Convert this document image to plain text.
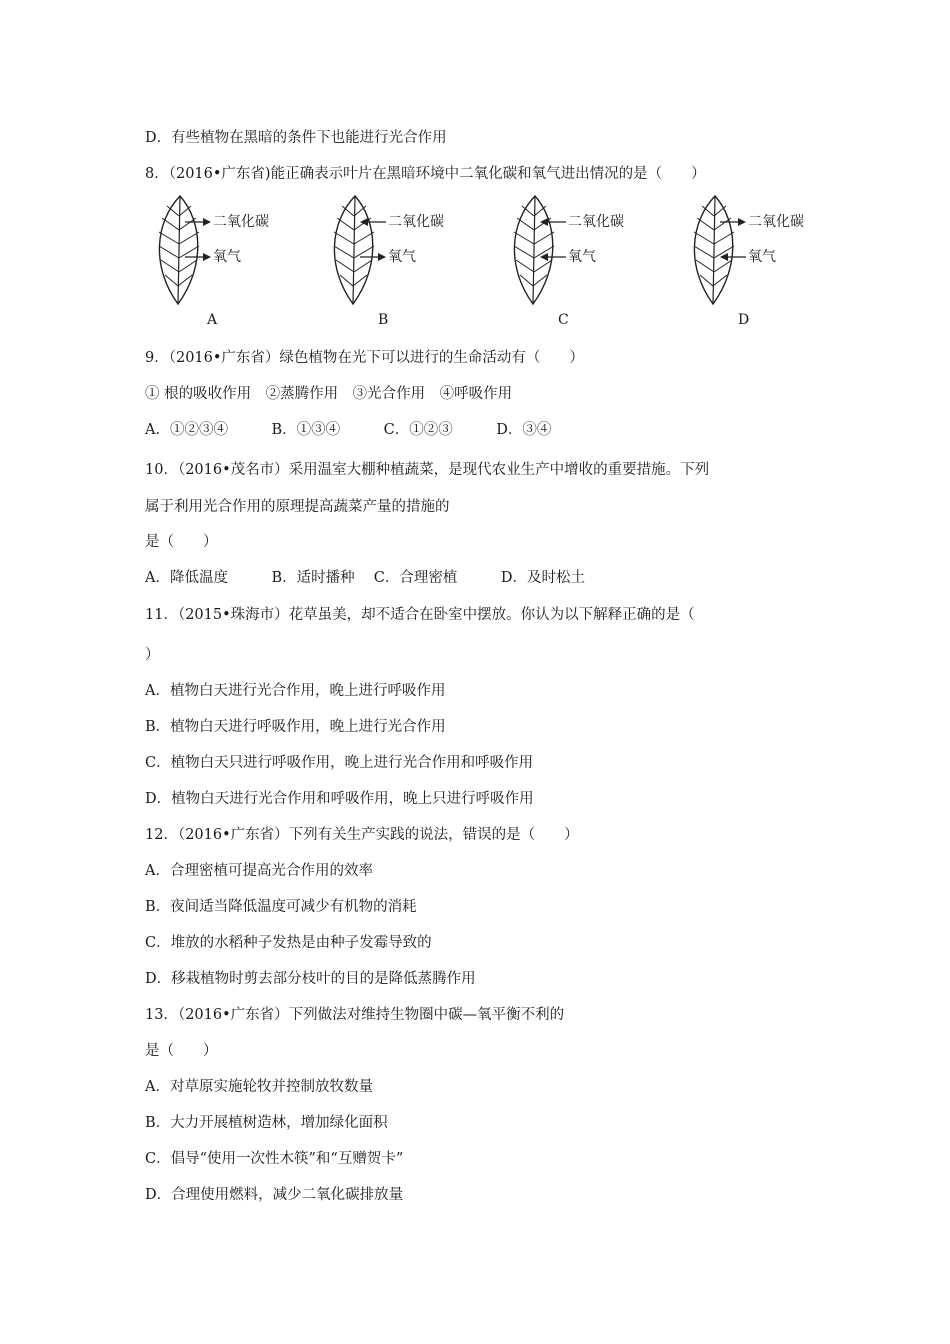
D．有些植物在黑暗的条件下也能进行光合作用
8．（2016•广东省)能正确表示叶片在黑暗环境中二氧化碳和氧气进出情况的是（　　）
二氧化碳
氧气
A
二氧化碳
氧气
B
二氧化碳
氧气
C
二氧化碳
氧气
D
9．（2016•广东省）绿色植物在光下可以进行的生命活动有（　　）
① 根的吸收作用　②蒸腾作用　③光合作用　④呼吸作用
A．①②③④　　　B．①③④　　　C．①②③　　　D．③④
10．（2016•茂名市）采用温室大棚种植蔬菜，是现代农业生产中增收的重要措施。下列
属于利用光合作用的原理提高蔬菜产量的措施的
是（　　）
A．降低温度　　　B．适时播种　 C．合理密植　　　D．及时松土
11．（2015•珠海市）花草虽美，却不适合在卧室中摆放。你认为以下解释正确的是（
）
A．植物白天进行光合作用，晚上进行呼吸作用
B．植物白天进行呼吸作用，晚上进行光合作用
C．植物白天只进行呼吸作用，晚上进行光合作用和呼吸作用
D．植物白天进行光合作用和呼吸作用，晚上只进行呼吸作用
12．（2016•广东省）下列有关生产实践的说法，错误的是（　　）
A．合理密植可提高光合作用的效率
B．夜间适当降低温度可减少有机物的消耗
C．堆放的水稻种子发热是由种子发霉导致的
D．移栽植物时剪去部分枝叶的目的是降低蒸腾作用
13．（2016•广东省）下列做法对维持生物圈中碳—氧平衡不利的
是（　　）
A．对草原实施轮牧并控制放牧数量
B．大力开展植树造林，增加绿化面积
C．倡导“使用一次性木筷”和“互赠贺卡”
D．合理使用燃料，减少二氧化碳排放量
